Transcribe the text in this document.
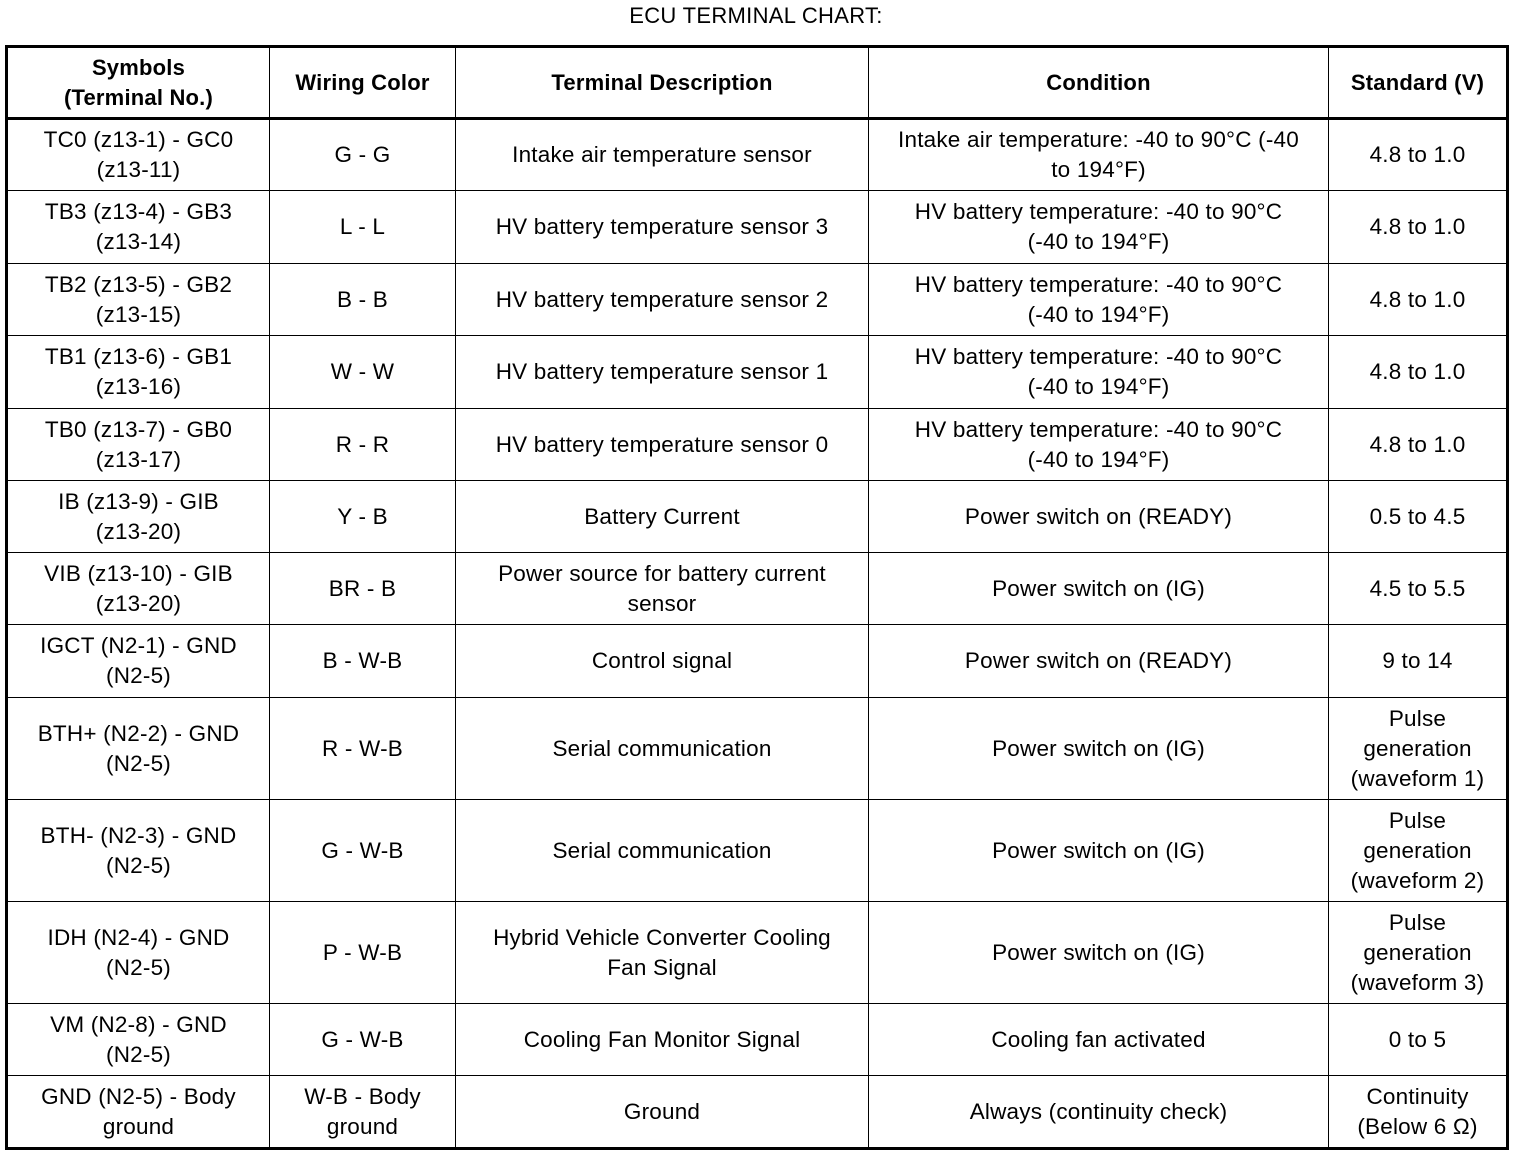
ECU TERMINAL CHART:
Symbols
(Terminal No.)	Wiring Color	Terminal Description	Condition	Standard (V)
TC0 (z13-1) - GC0
(z13-11)	G - G	Intake air temperature sensor	Intake air temperature: -40 to 90°C (-40
to 194°F)	4.8 to 1.0
TB3 (z13-4) - GB3
(z13-14)	L - L	HV battery temperature sensor 3	HV battery temperature: -40 to 90°C
(-40 to 194°F)	4.8 to 1.0
TB2 (z13-5) - GB2
(z13-15)	B - B	HV battery temperature sensor 2	HV battery temperature: -40 to 90°C
(-40 to 194°F)	4.8 to 1.0
TB1 (z13-6) - GB1
(z13-16)	W - W	HV battery temperature sensor 1	HV battery temperature: -40 to 90°C
(-40 to 194°F)	4.8 to 1.0
TB0 (z13-7) - GB0
(z13-17)	R - R	HV battery temperature sensor 0	HV battery temperature: -40 to 90°C
(-40 to 194°F)	4.8 to 1.0
IB (z13-9) - GIB
(z13-20)	Y - B	Battery Current	Power switch on (READY)	0.5 to 4.5
VIB (z13-10) - GIB
(z13-20)	BR - B	Power source for battery current
sensor	Power switch on (IG)	4.5 to 5.5
IGCT (N2-1) - GND
(N2-5)	B - W-B	Control signal	Power switch on (READY)	9 to 14
BTH+ (N2-2) - GND
(N2-5)	R - W-B	Serial communication	Power switch on (IG)	Pulse
generation
(waveform 1)
BTH- (N2-3) - GND
(N2-5)	G - W-B	Serial communication	Power switch on (IG)	Pulse
generation
(waveform 2)
IDH (N2-4) - GND
(N2-5)	P - W-B	Hybrid Vehicle Converter Cooling
Fan Signal	Power switch on (IG)	Pulse
generation
(waveform 3)
VM (N2-8) - GND
(N2-5)	G - W-B	Cooling Fan Monitor Signal	Cooling fan activated	0 to 5
GND (N2-5) - Body
ground	W-B - Body
ground	Ground	Always (continuity check)	Continuity
(Below 6 Ω)
